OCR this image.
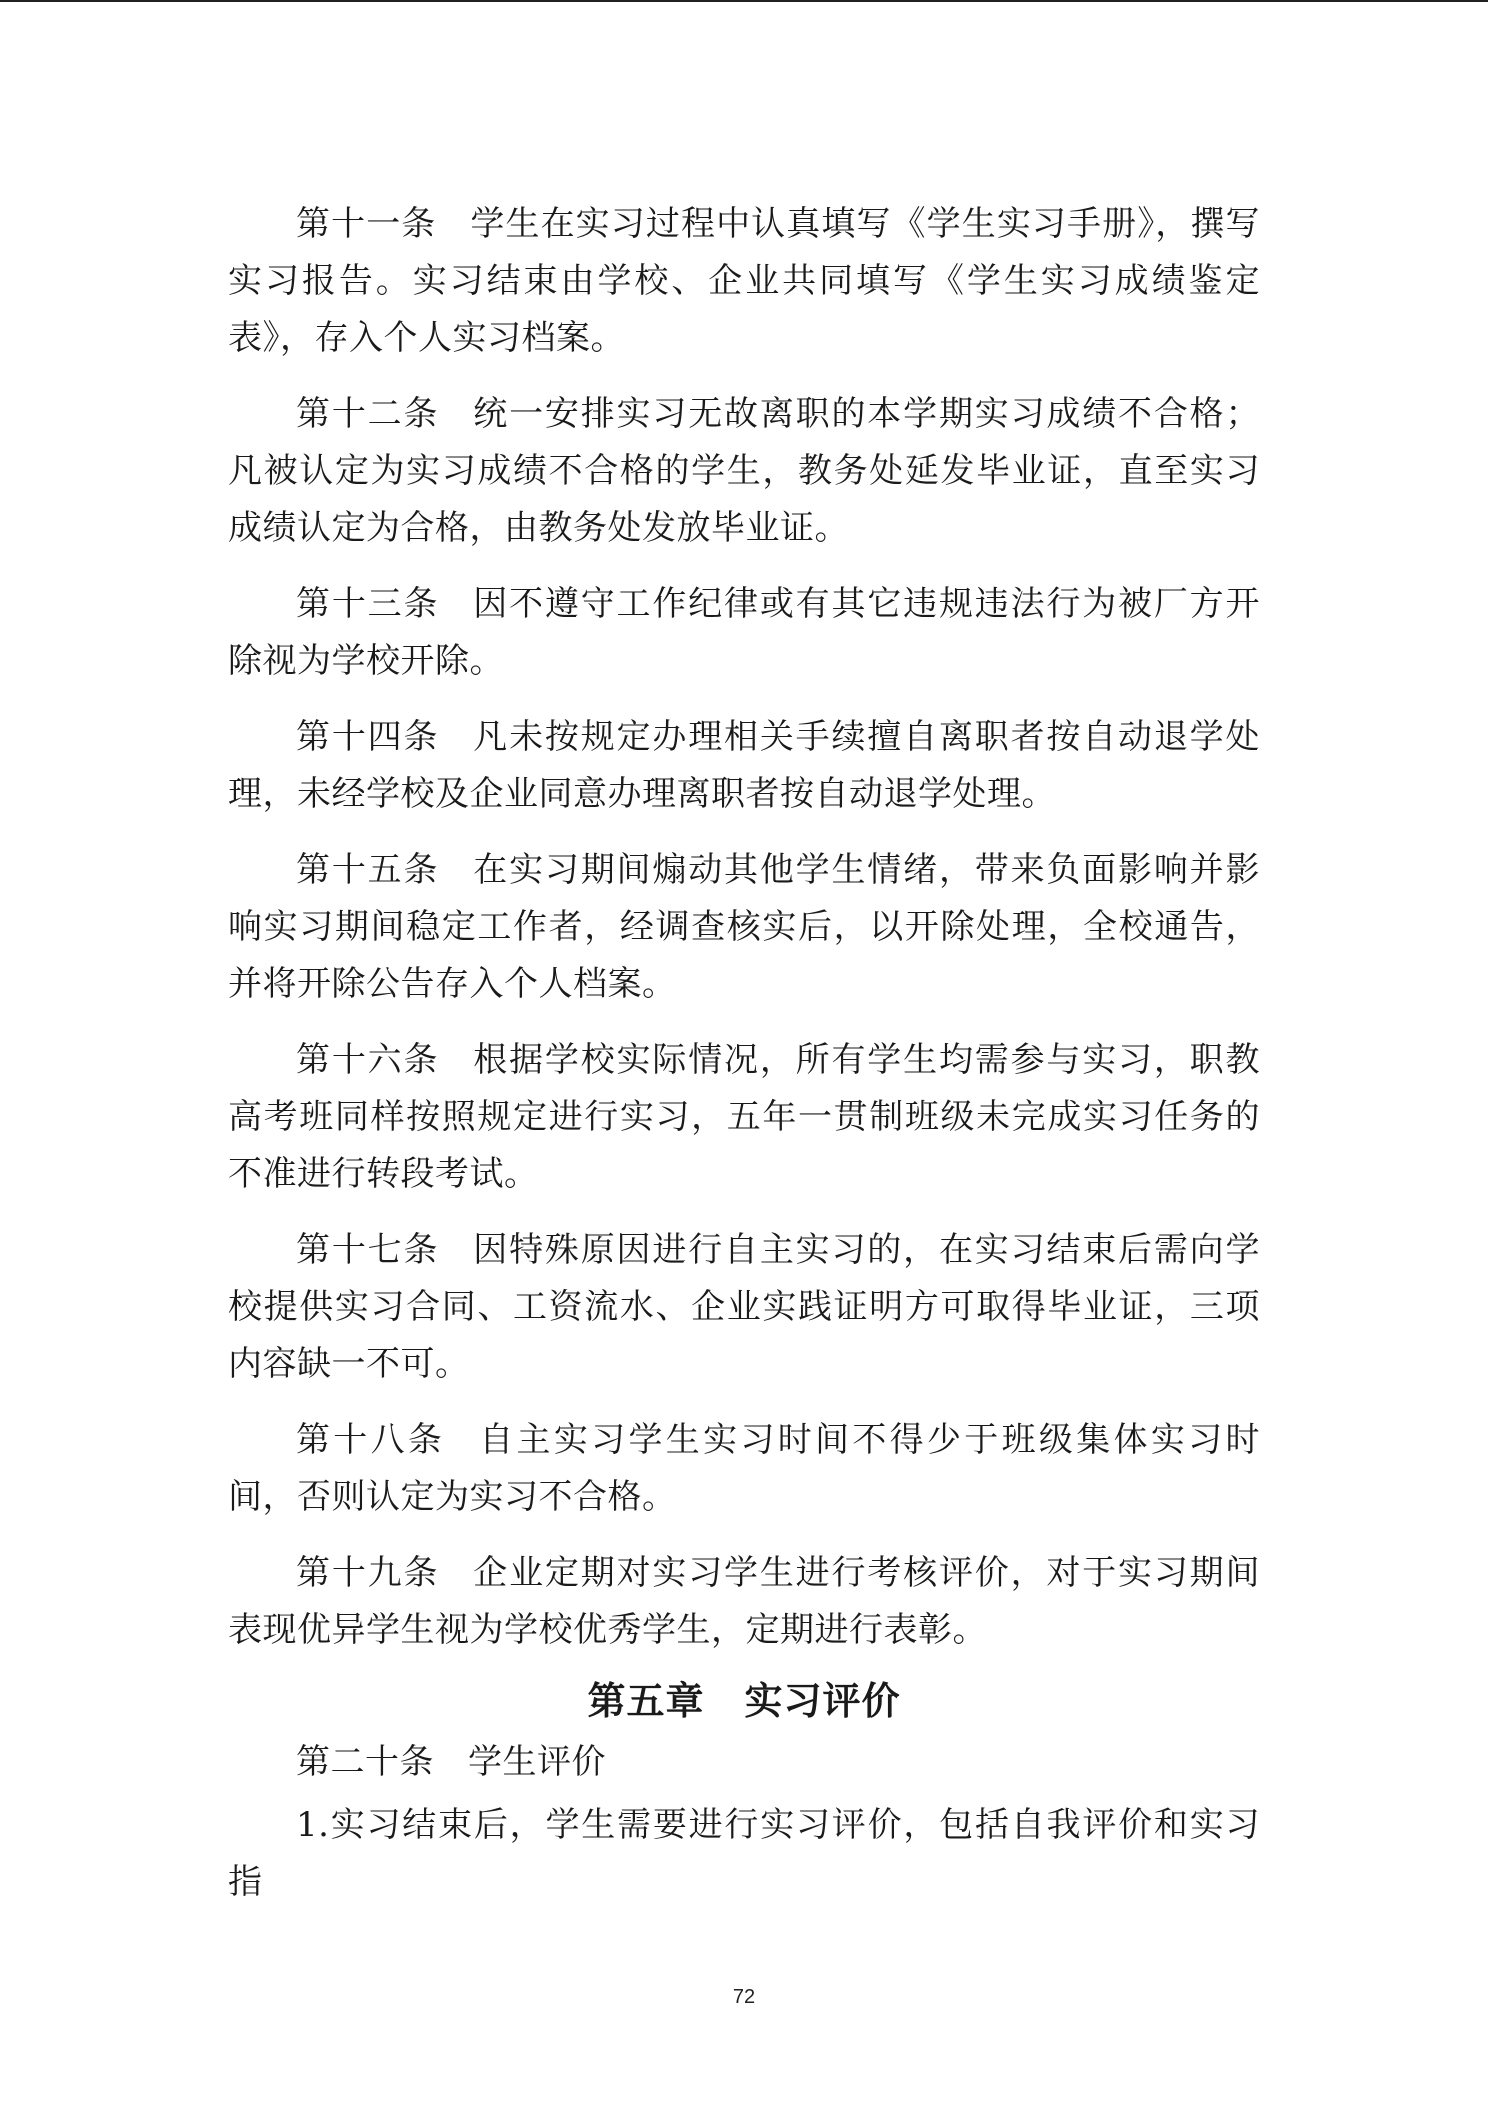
第十一条 学生在实习过程中认真填写《学生实习手册》，撰写实习报告。实习结束由学校、企业共同填写《学生实习成绩鉴定表》，存入个人实习档案。

第十二条 统一安排实习无故离职的本学期实习成绩不合格；凡被认定为实习成绩不合格的学生，教务处延发毕业证，直至实习成绩认定为合格，由教务处发放毕业证。

第十三条 因不遵守工作纪律或有其它违规违法行为被厂方开除视为学校开除。

第十四条 凡未按规定办理相关手续擅自离职者按自动退学处理，未经学校及企业同意办理离职者按自动退学处理。

第十五条 在实习期间煽动其他学生情绪，带来负面影响并影响实习期间稳定工作者，经调查核实后，以开除处理，全校通告，并将开除公告存入个人档案。

第十六条 根据学校实际情况，所有学生均需参与实习，职教高考班同样按照规定进行实习，五年一贯制班级未完成实习任务的不准进行转段考试。

第十七条 因特殊原因进行自主实习的，在实习结束后需向学校提供实习合同、工资流水、企业实践证明方可取得毕业证，三项内容缺一不可。

第十八条 自主实习学生实习时间不得少于班级集体实习时间，否则认定为实习不合格。

第十九条 企业定期对实习学生进行考核评价，对于实习期间表现优异学生视为学校优秀学生，定期进行表彰。

第五章 实习评价

第二十条 学生评价

1.实习结束后，学生需要进行实习评价，包括自我评价和实习指

72
